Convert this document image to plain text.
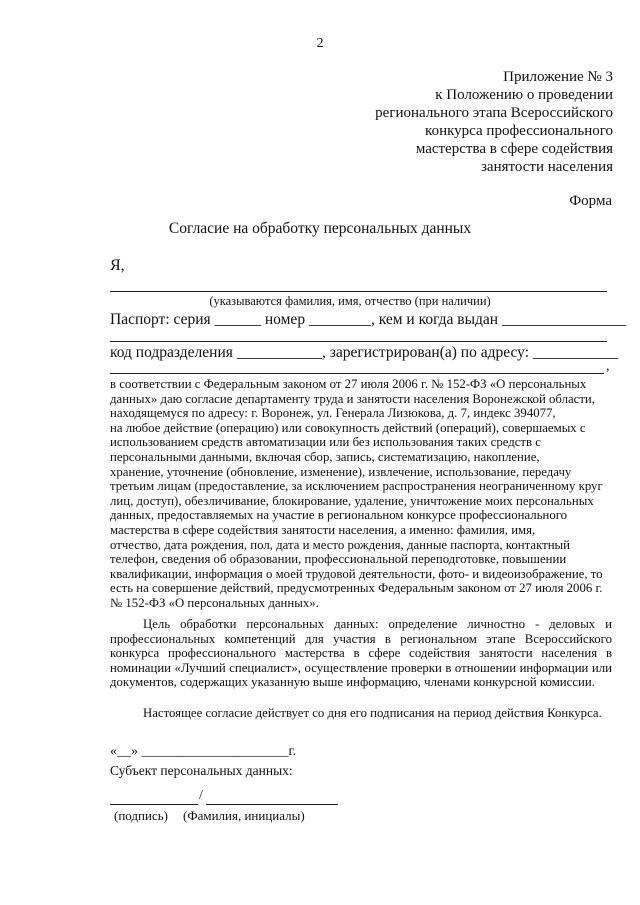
2
Приложение № 3
к Положению о проведении
регионального этапа Всероссийского
конкурса профессионального
мастерства в сфере содействия
занятости населения
Форма
Согласие на обработку персональных данных
Я,
(указываются фамилия, имя, отчество (при наличии)
Паспорт: серия ______ номер ________, кем и когда выдан ________________
код подразделения ___________, зарегистрирован(а) по адресу: ___________
,

в соответствии с Федеральным законом от 27 июля 2006 г. № 152-ФЗ «О персональных

данных» даю согласие департаменту труда и занятости населения Воронежской области,

находящемуся по адресу: г. Воронеж, ул. Генерала Лизюкова, д. 7, индекс 394077,

на любое действие (операцию) или совокупность действий (операций), совершаемых с

использованием средств автоматизации или без использования таких средств с

персональными данными, включая сбор, запись, систематизацию, накопление,

хранение, уточнение (обновление, изменение), извлечение, использование, передачу

третьим лицам (предоставление, за исключением распространения неограниченному круг

лиц, доступ), обезличивание, блокирование, удаление, уничтожение моих персональных

данных, предоставляемых на участие в региональном конкурсе профессионального

мастерства в сфере содействия занятости населения, а именно: фамилия, имя,

отчество, дата рождения, пол, дата и место рождения, данные паспорта, контактный

телефон, сведения об образовании, профессиональной переподготовке, повышении

квалификации, информация о моей трудовой деятельности, фото- и видеоизображение, то

есть на совершение действий, предусмотренных Федеральным законом от 27 июля 2006 г.

№ 152-ФЗ «О персональных данных».

Цель обработки персональных данных: определение личностно - деловых и профессиональных компетенций для участия в региональном этапе Всероссийского конкурса профессионального мастерства в сфере содействия занятости населения в номинации «Лучший специалист», осуществление проверки в отношении информации или документов, содержащих указанную выше информацию, членами конкурсной комиссии.
Настоящее согласие действует со дня его подписания на период действия Конкурса.
«__» _____________________г.
Субъект персональных данных:
/
(подпись) (Фамилия, инициалы)
